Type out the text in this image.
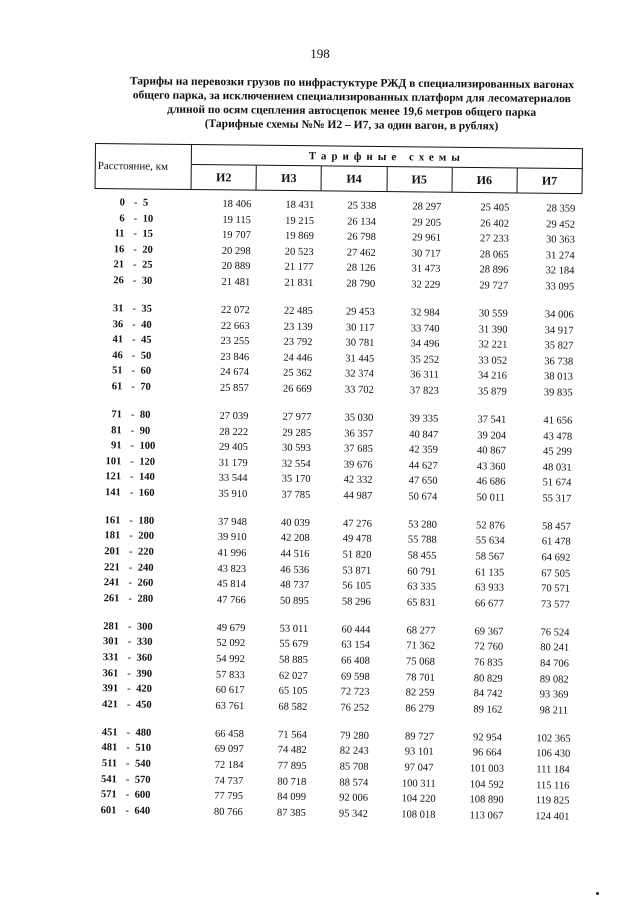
198
Тарифы на перевозки грузов по инфрастуктуре РЖД в специализированных вагонах
общего парка, за исключением специализированных платформ для лесоматериалов
длиной по осям сцепления автосцепок менее 19,6 метров общего парка
(Тарифные схемы №№ И2 – И7, за один вагон, в рублях)
Расстояние, км
Тарифные схемы
И2	И3	И4	И5	И6	И7
0 - 5	18 406	18 431	25 338	28 297	25 405	28 359
6 - 10	19 115	19 215	26 134	29 205	26 402	29 452
11 - 15	19 707	19 869	26 798	29 961	27 233	30 363
16 - 20	20 298	20 523	27 462	30 717	28 065	31 274
21 - 25	20 889	21 177	28 126	31 473	28 896	32 184
26 - 30	21 481	21 831	28 790	32 229	29 727	33 095
31 - 35	22 072	22 485	29 453	32 984	30 559	34 006
36 - 40	22 663	23 139	30 117	33 740	31 390	34 917
41 - 45	23 255	23 792	30 781	34 496	32 221	35 827
46 - 50	23 846	24 446	31 445	35 252	33 052	36 738
51 - 60	24 674	25 362	32 374	36 311	34 216	38 013
61 - 70	25 857	26 669	33 702	37 823	35 879	39 835
71 - 80	27 039	27 977	35 030	39 335	37 541	41 656
81 - 90	28 222	29 285	36 357	40 847	39 204	43 478
91 - 100	29 405	30 593	37 685	42 359	40 867	45 299
101 - 120	31 179	32 554	39 676	44 627	43 360	48 031
121 - 140	33 544	35 170	42 332	47 650	46 686	51 674
141 - 160	35 910	37 785	44 987	50 674	50 011	55 317
161 - 180	37 948	40 039	47 276	53 280	52 876	58 457
181 - 200	39 910	42 208	49 478	55 788	55 634	61 478
201 - 220	41 996	44 516	51 820	58 455	58 567	64 692
221 - 240	43 823	46 536	53 871	60 791	61 135	67 505
241 - 260	45 814	48 737	56 105	63 335	63 933	70 571
261 - 280	47 766	50 895	58 296	65 831	66 677	73 577
281 - 300	49 679	53 011	60 444	68 277	69 367	76 524
301 - 330	52 092	55 679	63 154	71 362	72 760	80 241
331 - 360	54 992	58 885	66 408	75 068	76 835	84 706
361 - 390	57 833	62 027	69 598	78 701	80 829	89 082
391 - 420	60 617	65 105	72 723	82 259	84 742	93 369
421 - 450	63 761	68 582	76 252	86 279	89 162	98 211
451 - 480	66 458	71 564	79 280	89 727	92 954	102 365
481 - 510	69 097	74 482	82 243	93 101	96 664	106 430
511 - 540	72 184	77 895	85 708	97 047	101 003	111 184
541 - 570	74 737	80 718	88 574	100 311	104 592	115 116
571 - 600	77 795	84 099	92 006	104 220	108 890	119 825
601 - 640	80 766	87 385	95 342	108 018	113 067	124 401
